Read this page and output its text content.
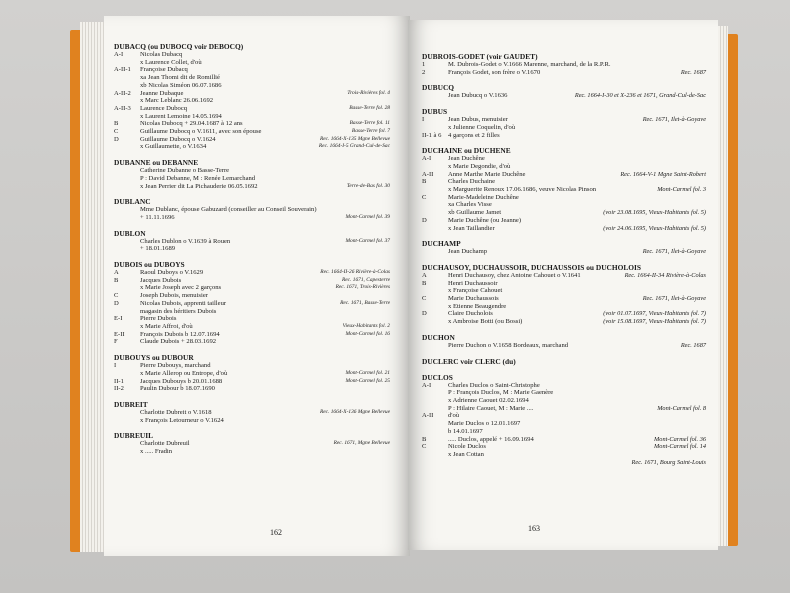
DUBACQ (ou DUBOCQ voir DEBOCQ)
A-I	Nicolas Dubacq
x Laurence Collet, d'où
A-II-1	Françoise Dubacq
xa Jean Thomi dit de Romillié
xb Nicolas Siméon 06.07.1686
A-II-2	Jeanne Dubaque	Trois-Rivières fol. 4
x Marc Leblanc 26.06.1692
A-II-3	Laurence Dubocq	Basse-Terre fol. 28
x Laurent Lemoine 14.05.1694
B	Nicolas Dubocq + 29.04.1687 à 12 ans	Basse-Terre fol. 11
C	Guillaume Dubocq o V.1611, avec son épouse	Basse-Terre fol. 7
D	Guillaume Dubocq o V.1624	Rec. 1664-X-135 Mgne Bellevue
x Guillaumette, o V.1634	Rec. 1664-I-5 Grand-Cul-de-Sac
DUBANNE ou DEBANNE
Catherine Dubanne o Basse-Terre
P : David Debanne, M : Renée Lemarchand
x Jean Perrier dit La Pichauderie 06.05.1692	Terre-de-Bas fol. 30
DUBLANC
Mme Dublanc, épouse Gabuzard (conseiller au Conseil Souverain)
+ 11.11.1696	Mont-Carmel fol. 39
DUBLON
Charles Dublon o V.1639 à Rouen	Mont-Carmel fol. 37
+ 18.01.1689
DUBOIS ou DUBOYS
A	Raoul Duboys o V.1629	Rec. 1664-II-26 Rivière-à-Colas
B	Jacques Dubois	Rec. 1671, Capesterre
x Marie Joseph avec 2 garçons	Rec. 1671, Trois-Rivières
C	Joseph Dubois, menuisier
D	Nicolas Dubois, apprenti tailleur	Rec. 1671, Basse-Terre
magasin des héritiers Dubois
E-I	Pierre Dubois
x Marie Affroi, d'où	Vieux-Habitants fol. 2
E-II	François Dubois b 12.07.1694	Mont-Carmel fol. 16
F	Claude Dubois + 28.03.1692
DUBOUYS ou DUBOUR
I	Pierre Dubouys, marchand
x Marie Allerop ou Entrope, d'où	Mont-Carmel fol. 21
II-1	Jacques Dubouys b 20.01.1688	Mont-Carmel fol. 25
II-2	Paulin Dubour b 18.07.1690
DUBREIT
Charlotte Dubreit o V.1618	Rec. 1664-X-136 Mgne Bellevue
x François Letourneur o V.1624
DUBREUIL
Charlotte Dubreuil	Rec. 1671, Mgne Bellevue
x ..... Fradin
162
DUBROIS-GODET (voir GAUDET)
1	M. Dubrois-Godet o V.1666 Marenne, marchand, de la R.P.R.
2	François Godet, son frère o V.1670	Rec. 1687
DUBUCQ
Jean Dubucq o V.1636	Rec. 1664-I-30 et X-236 et 1671, Grand-Cul-de-Sac
DUBUS
I	Jean Dubus, menuisier	Rec. 1671, Ilet-à-Goyave
x Julienne Coquelin, d'où
II-1 à 6 4 garçons et 2 filles
DUCHAINE ou DUCHENE
A-I	Jean Duchêne
x Marie Degondie, d'où
A-II	Anne Marthe Marie Duchêne	Rec. 1664-V-1 Mgne Saint-Robert
B	Charles Duchaine
x Marguerite Renoux 17.06.1686, veuve Nicolas Pinson	Mont-Carmel fol. 3
C	Marie-Madeleine Duchêne
xa Charles Visse
xb Guillaume Jamet	(voir 23.08.1695, Vieux-Habitants fol. 5)
D	Marie Duchêne (ou Jeanne)
x Jean Taillandier	(voir 24.06.1695, Vieux-Habitants fol. 5)
DUCHAMP
Jean Duchamp	Rec. 1671, Ilet-à-Goyave
DUCHAUSOY, DUCHAUSSOIR, DUCHAUSSOIS ou DUCHOLOIS
A	Henri Duchausoy, chez Antoine Cahouet o V.1641	Rec. 1664-II-34 Rivière-à-Colas
B	Henri Duchaussoir
x Françoise Cahouet
C	Marie Duchaussois	Rec. 1671, Ilet-à-Goyave
x Etienne Beaugendre
D	Claire Ducholois	(voir 01.07.1697, Vieux-Habitants fol. 7)
x Ambroise Botti (ou Bossi)	(voir 15.08.1697, Vieux-Habitants fol. 7)
DUCHON
Pierre Duchon o V.1658 Bordeaux, marchand	Rec. 1687
DUCLERC voir CLERC (du)
DUCLOS
A-I	Charles Duclos o Saint-Christophe
P : François Duclos, M : Marie Gaenère
x Adrienne Caouet 02.02.1694
P : Hilaire Caouet, M : Marie ....	Mont-Carmel fol. 8
A-II	d'où
Marie Duclos o 12.01.1697
b 14.01.1697
B	..... Duclos, appelé + 16.09.1694	Mont-Carmel fol. 36
C	Nicole Duclos	Mont-Carmel fol. 14
x Jean Cottan
Rec. 1671, Bourg Saint-Louis
163
